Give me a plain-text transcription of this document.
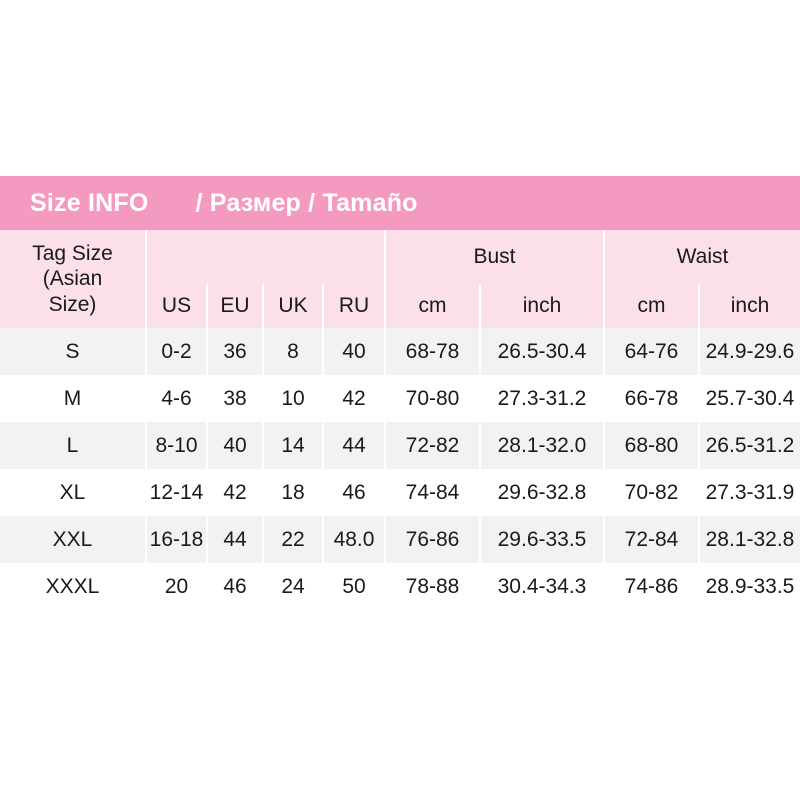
Size INFO / Размер / Tamaño
Tag Size
(Asian
Size)					Bust		Waist	
	US	EU	UK	RU	cm	inch	cm	inch
S	0-2	36	8	40	68-78	26.5-30.4	64-76	24.9-29.6
M	4-6	38	10	42	70-80	27.3-31.2	66-78	25.7-30.4
L	8-10	40	14	44	72-82	28.1-32.0	68-80	26.5-31.2
XL	12-14	42	18	46	74-84	29.6-32.8	70-82	27.3-31.9
XXL	16-18	44	22	48.0	76-86	29.6-33.5	72-84	28.1-32.8
XXXL	20	46	24	50	78-88	30.4-34.3	74-86	28.9-33.5
